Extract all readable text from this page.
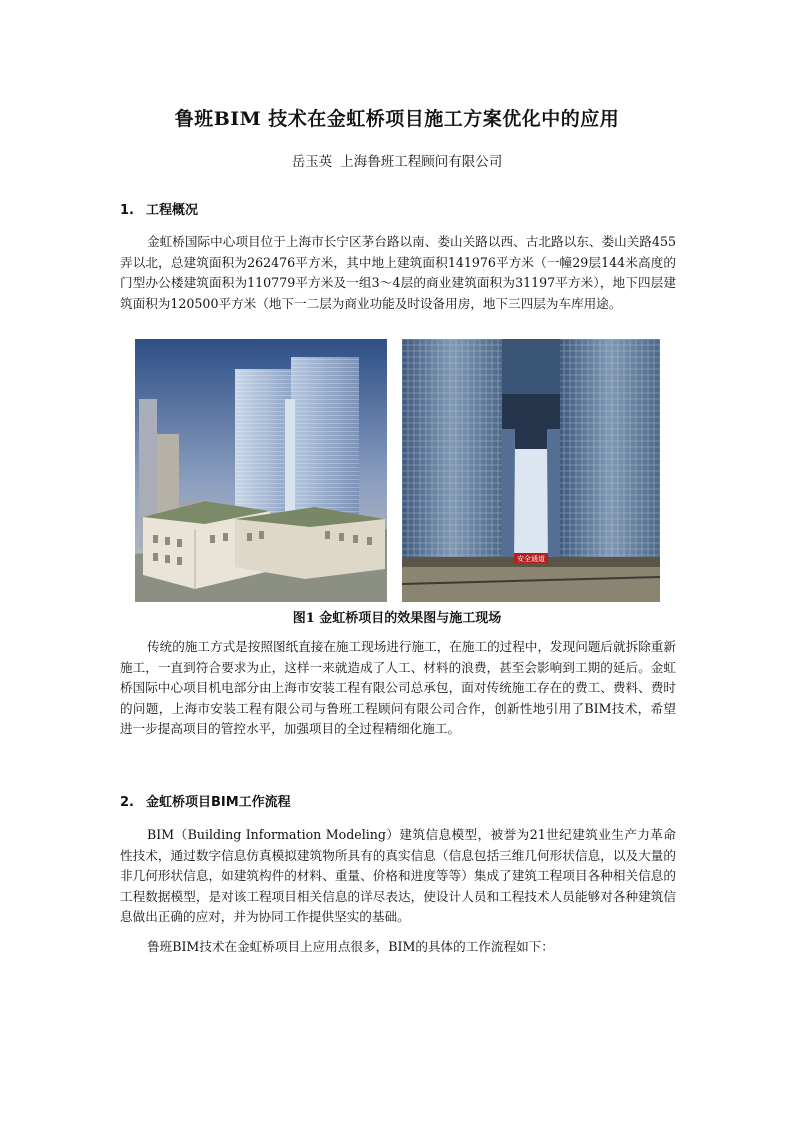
鲁班BIM 技术在金虹桥项目施工方案优化中的应用
岳玉英 上海鲁班工程顾问有限公司
1. 工程概况

金虹桥国际中心项目位于上海市长宁区茅台路以南、娄山关路以西、古北路以东、娄山关路455弄以北，总建筑面积为262476平方米，其中地上建筑面积141976平方米（一幢29层144米高度的门型办公楼建筑面积为110779平方米及一组3～4层的商业建筑面积为31197平方米），地下四层建筑面积为120500平方米（地下一二层为商业功能及时设备用房，地下三四层为车库用途。

安全通道
图1 金虹桥项目的效果图与施工现场

传统的施工方式是按照图纸直接在施工现场进行施工，在施工的过程中，发现问题后就拆除重新施工，一直到符合要求为止，这样一来就造成了人工、材料的浪费，甚至会影响到工期的延后。金虹桥国际中心项目机电部分由上海市安装工程有限公司总承包，面对传统施工存在的费工、费料、费时的问题，上海市安装工程有限公司与鲁班工程顾问有限公司合作，创新性地引用了BIM技术，希望进一步提高项目的管控水平，加强项目的全过程精细化施工。

2. 金虹桥项目BIM工作流程

BIM（Building Information Modeling）建筑信息模型，被誉为21世纪建筑业生产力革命性技术，通过数字信息仿真模拟建筑物所具有的真实信息（信息包括三维几何形状信息，以及大量的非几何形状信息，如建筑构件的材料、重量、价格和进度等等）集成了建筑工程项目各种相关信息的工程数据模型，是对该工程项目相关信息的详尽表达，使设计人员和工程技术人员能够对各种建筑信息做出正确的应对，并为协同工作提供坚实的基础。

鲁班BIM技术在金虹桥项目上应用点很多，BIM的具体的工作流程如下：
